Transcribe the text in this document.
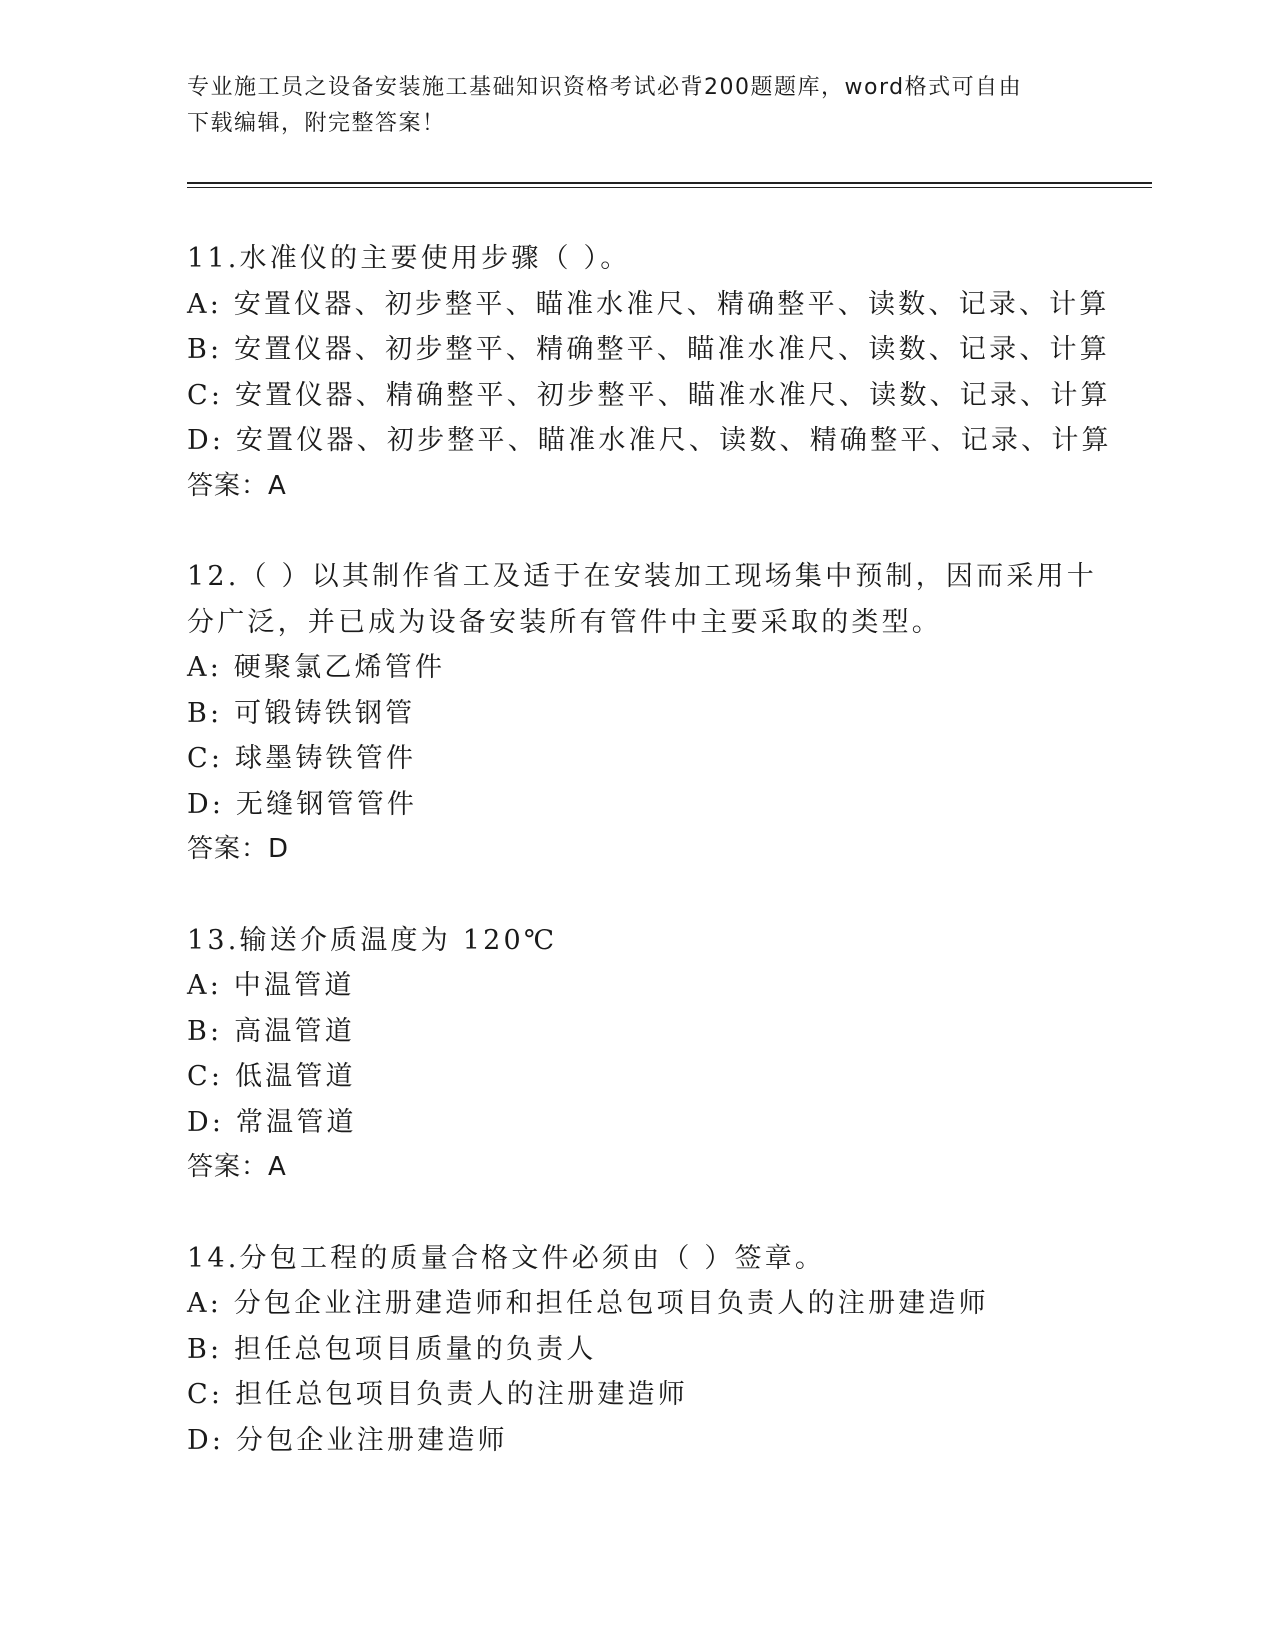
专业施工员之设备安装施工基础知识资格考试必背200题题库，word格式可自由
下载编辑，附完整答案！

11.水准仪的主要使用步骤（ ）。

A: 安置仪器、初步整平、瞄准水准尺、精确整平、读数、记录、计算

B: 安置仪器、初步整平、精确整平、瞄准水准尺、读数、记录、计算

C: 安置仪器、精确整平、初步整平、瞄准水准尺、读数、记录、计算

D: 安置仪器、初步整平、瞄准水准尺、读数、精确整平、记录、计算

答案：A

12.（ ）以其制作省工及适于在安装加工现场集中预制，因而采用十

分广泛，并已成为设备安装所有管件中主要采取的类型。

A: 硬聚氯乙烯管件

B: 可锻铸铁钢管

C: 球墨铸铁管件

D: 无缝钢管管件

答案：D

13.输送介质温度为 120℃

A: 中温管道

B: 高温管道

C: 低温管道

D: 常温管道

答案：A

14.分包工程的质量合格文件必须由（ ）签章。

A: 分包企业注册建造师和担任总包项目负责人的注册建造师

B: 担任总包项目质量的负责人

C: 担任总包项目负责人的注册建造师

D: 分包企业注册建造师
